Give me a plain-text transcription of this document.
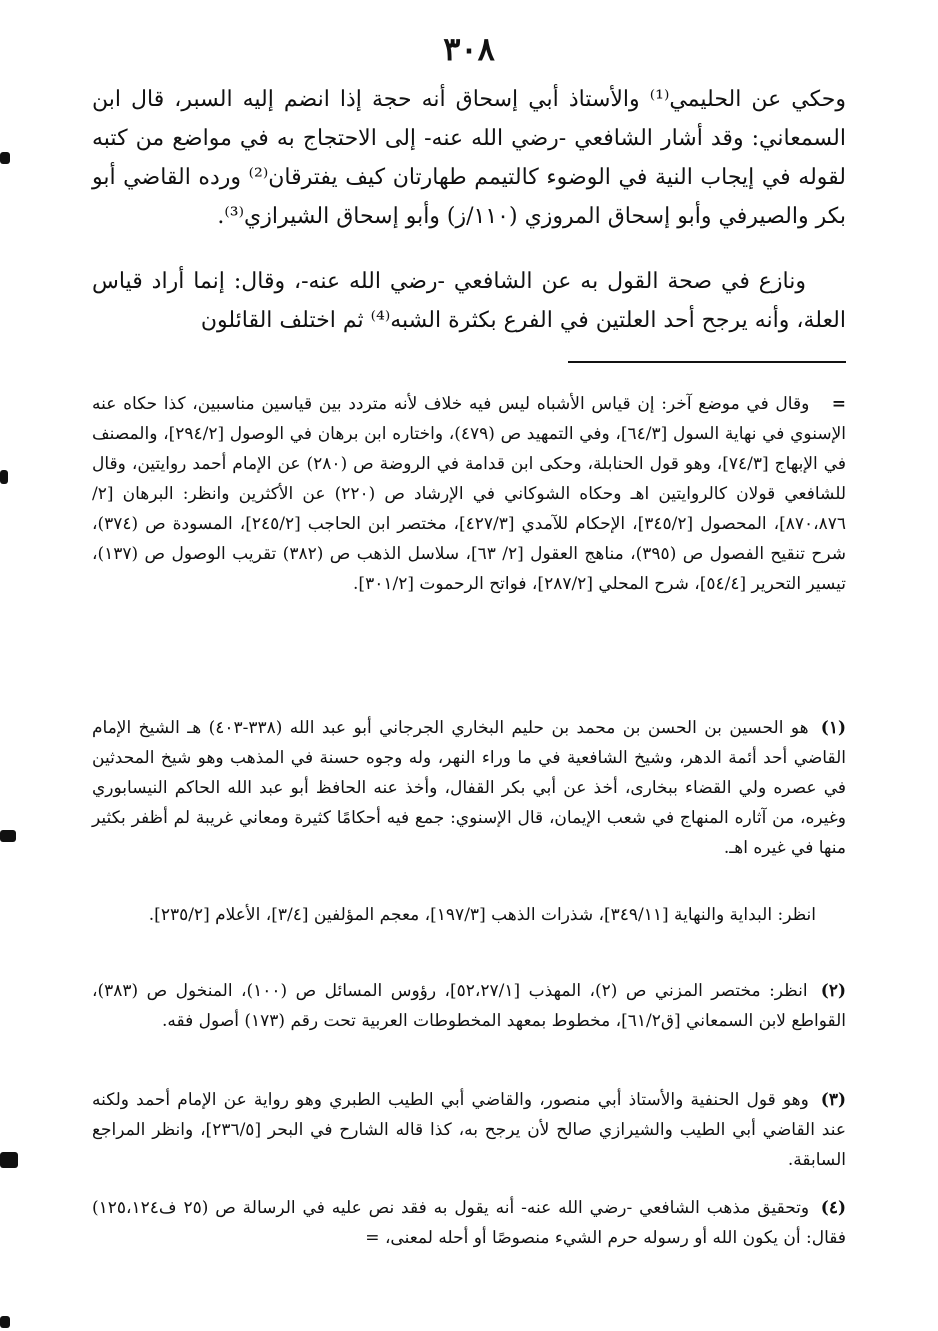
٣٠٨
وحكي عن الحليمي⁽¹⁾ والأستاذ أبي إسحاق أنه حجة إذا انضم إليه السبر، قال ابن السمعاني: وقد أشار الشافعي -رضي الله عنه- إلى الاحتجاج به في مواضع من كتبه لقوله في إيجاب النية في الوضوء كالتيمم طهارتان كيف يفترقان⁽²⁾ ورده القاضي أبو بكر والصيرفي وأبو إسحاق المروزي (١١٠/ز) وأبو إسحاق الشيرازي⁽³⁾.
ونازع في صحة القول به عن الشافعي -رضي الله عنه-، وقال: إنما أراد قياس العلة، وأنه يرجح أحد العلتين في الفرع بكثرة الشبه⁽⁴⁾ ثم اختلف القائلون
= وقال في موضع آخر: إن قياس الأشباه ليس فيه خلاف لأنه متردد بين قياسين مناسبين، كذا حكاه عنه الإسنوي في نهاية السول [٦٤/٣]، وفي التمهيد ص (٤٧٩)، واختاره ابن برهان في الوصول [٢٩٤/٢]، والمصنف في الإبهاج [٧٤/٣]، وهو قول الحنابلة، وحكى ابن قدامة في الروضة ص (٢٨٠) عن الإمام أحمد روايتين، وقال للشافعي قولان كالروايتين اهـ وحكاه الشوكاني في الإرشاد ص (٢٢٠) عن الأكثرين وانظر: البرهان [٢/ ٨٧٠،٨٧٦]، المحصول [٣٤٥/٢]، الإحكام للآمدي [٤٢٧/٣]، مختصر ابن الحاجب [٢٤٥/٢]، المسودة ص (٣٧٤)، شرح تنقيح الفصول ص (٣٩٥)، مناهج العقول [٢/ ٦٣]، سلاسل الذهب ص (٣٨٢) تقريب الوصول ص (١٣٧)، تيسير التحرير [٥٤/٤]، شرح المحلي [٢٨٧/٢]، فواتح الرحموت [٣٠١/٢].
(١) هو الحسين بن الحسن بن محمد بن حليم البخاري الجرجاني أبو عبد الله (٣٣٨-٤٠٣) هـ الشيخ الإمام القاضي أحد أئمة الدهر، وشيخ الشافعية في ما وراء النهر، وله وجوه حسنة في المذهب وهو شيخ المحدثين في عصره ولي القضاء ببخارى، أخذ عن أبي بكر القفال، وأخذ عنه الحافظ أبو عبد الله الحاكم النيسابوري وغيره، من آثاره المنهاج في شعب الإيمان، قال الإسنوي: جمع فيه أحكامًا كثيرة ومعاني غريبة لم أظفر بكثير منها في غيره اهـ.
انظر: البداية والنهاية [٣٤٩/١١]، شذرات الذهب [١٩٧/٣]، معجم المؤلفين [٣/٤]، الأعلام [٢٣٥/٢].
(٢) انظر: مختصر المزني ص (٢)، المهذب [٥٢،٢٧/١]، رؤوس المسائل ص (١٠٠)، المنخول ص (٣٨٣)، القواطع لابن السمعاني [ق٦١/٢]، مخطوط بمعهد المخطوطات العربية تحت رقم (١٧٣) أصول فقه.
(٣) وهو قول الحنفية والأستاذ أبي منصور، والقاضي أبي الطيب الطبري وهو رواية عن الإمام أحمد ولكنه عند القاضي أبي الطيب والشيرازي صالح لأن يرجح به، كذا قاله الشارح في البحر [٢٣٦/٥]، وانظر المراجع السابقة.
(٤) وتحقيق مذهب الشافعي -رضي الله عنه- أنه يقول به فقد نص عليه في الرسالة ص (٢٥ ف١٢٥،١٢٤) فقال: أن يكون الله أو رسوله حرم الشيء منصوصًا أو أحله لمعنى، =
